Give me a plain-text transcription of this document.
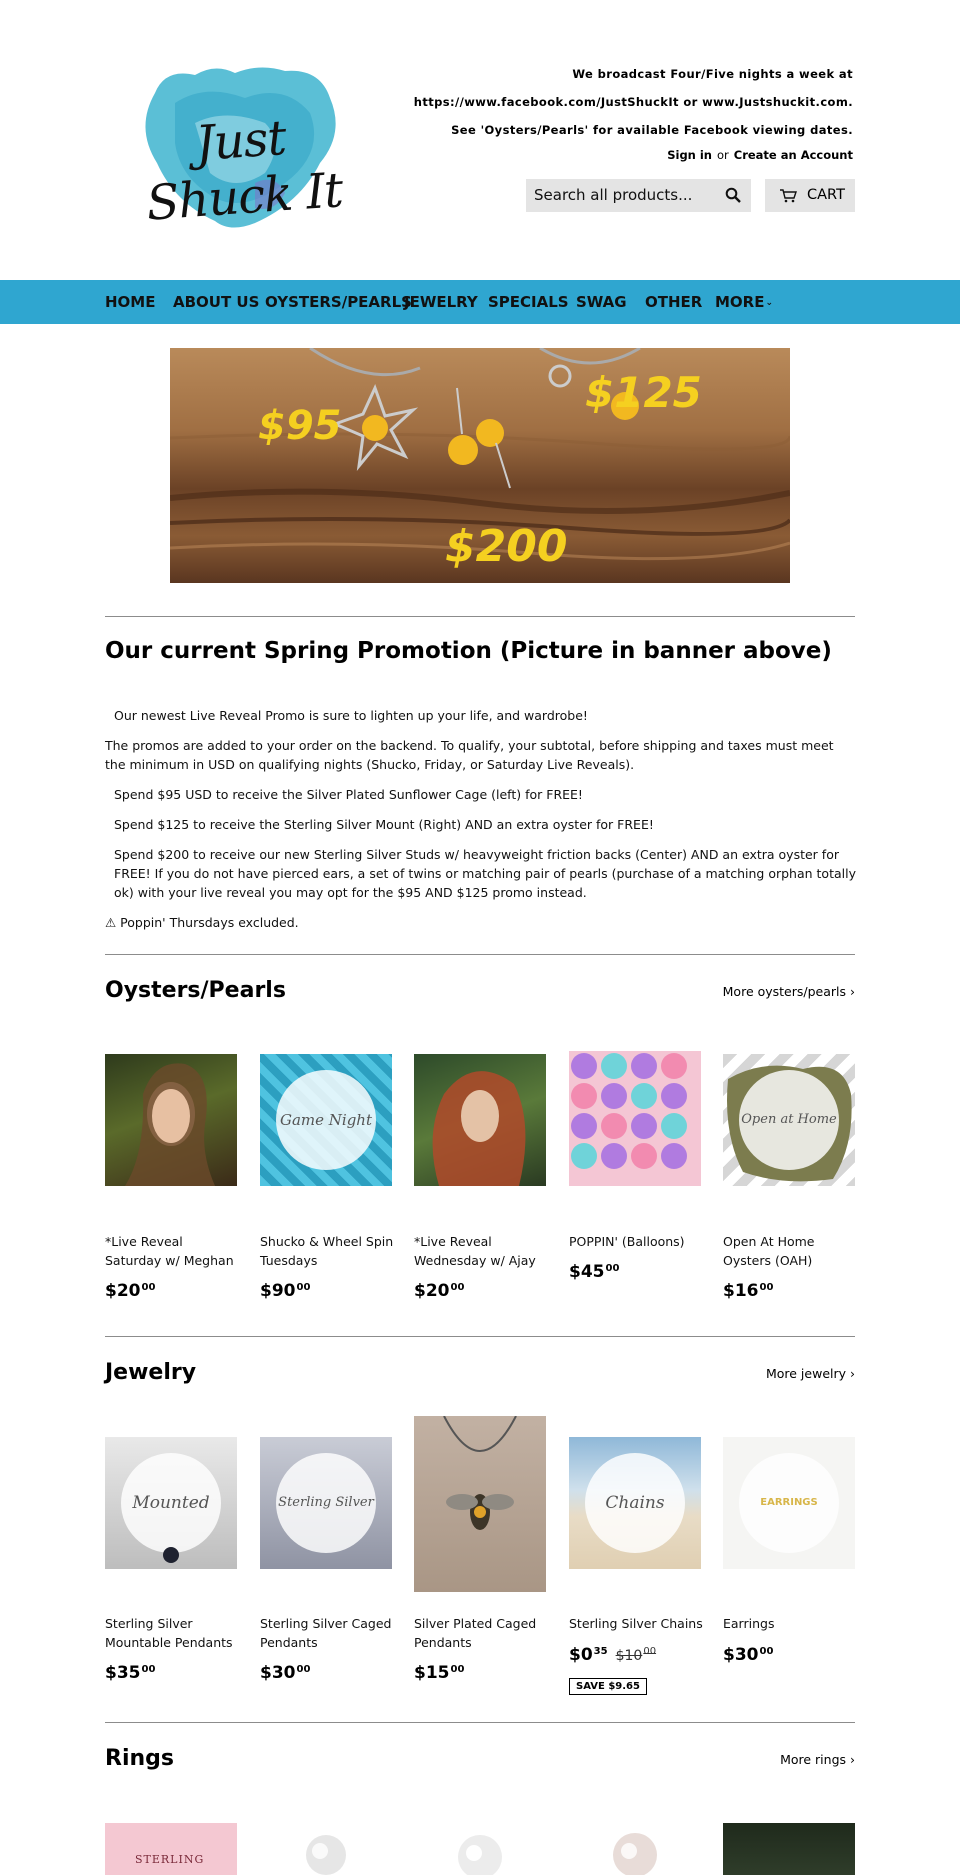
Just Shuck It
We broadcast Four/Five nights a week at
https://www.facebook.com/JustShuckIt or www.Justshuckit.com.
See 'Oysters/Pearls' for available Facebook viewing dates.
Sign in or Create an Account
Search all products...	CART
HOME ABOUT US OYSTERS/PEARLS
JEWELRY SPECIALS SWAG OTHER MORE⌄
$95
$125
$200
Our current Spring Promotion (Picture in banner above)
Our newest Live Reveal Promo is sure to lighten up your life, and wardrobe!
The promos are added to your order on the backend. To qualify, your subtotal, before shipping and taxes must meet the minimum in USD on qualifying nights (Shucko, Friday, or Saturday Live Reveals).
Spend $95 USD to receive the Silver Plated Sunflower Cage (left) for FREE!
Spend $125 to receive the Sterling Silver Mount (Right) AND an extra oyster for FREE!
Spend $200 to receive our new Sterling Silver Studs w/ heavyweight friction backs (Center) AND an extra oyster for FREE! If you do not have pierced ears, a set of twins or matching pair of pearls (purchase of a matching orphan totally ok) with your live reveal you may opt for the $95 AND $125 promo instead.
⚠ Poppin' Thursdays excluded.
Oysters/Pearls	More oysters/pearls ›
Game Night	Open at Home
*Live Reveal Saturday w/ Meghan
Shucko & Wheel Spin Tuesdays
*Live Reveal Wednesday w/ Ajay
POPPIN' (Balloons)	Open At Home Oysters (OAH)
$\$20^{00}$	$\$90^{00}$	$\$20^{00}$
$\$45^{00}$
$\$16^{00}$
Jewelry	More jewelry ›
Mounted	Sterling Silver	Chains	EARRINGS
Sterling Silver Mountable Pendants
Sterling Silver Caged Pendants
Silver Plated Caged Pendants
Sterling Silver Chains Earrings
$\$35^{00}$	$\$30^{00}$	$\$15^{00}$
$\$0^{35}$ $\$10^{00}$
SAVE $9.65
$\$30^{00}$
Rings	More rings ›
STERLING
